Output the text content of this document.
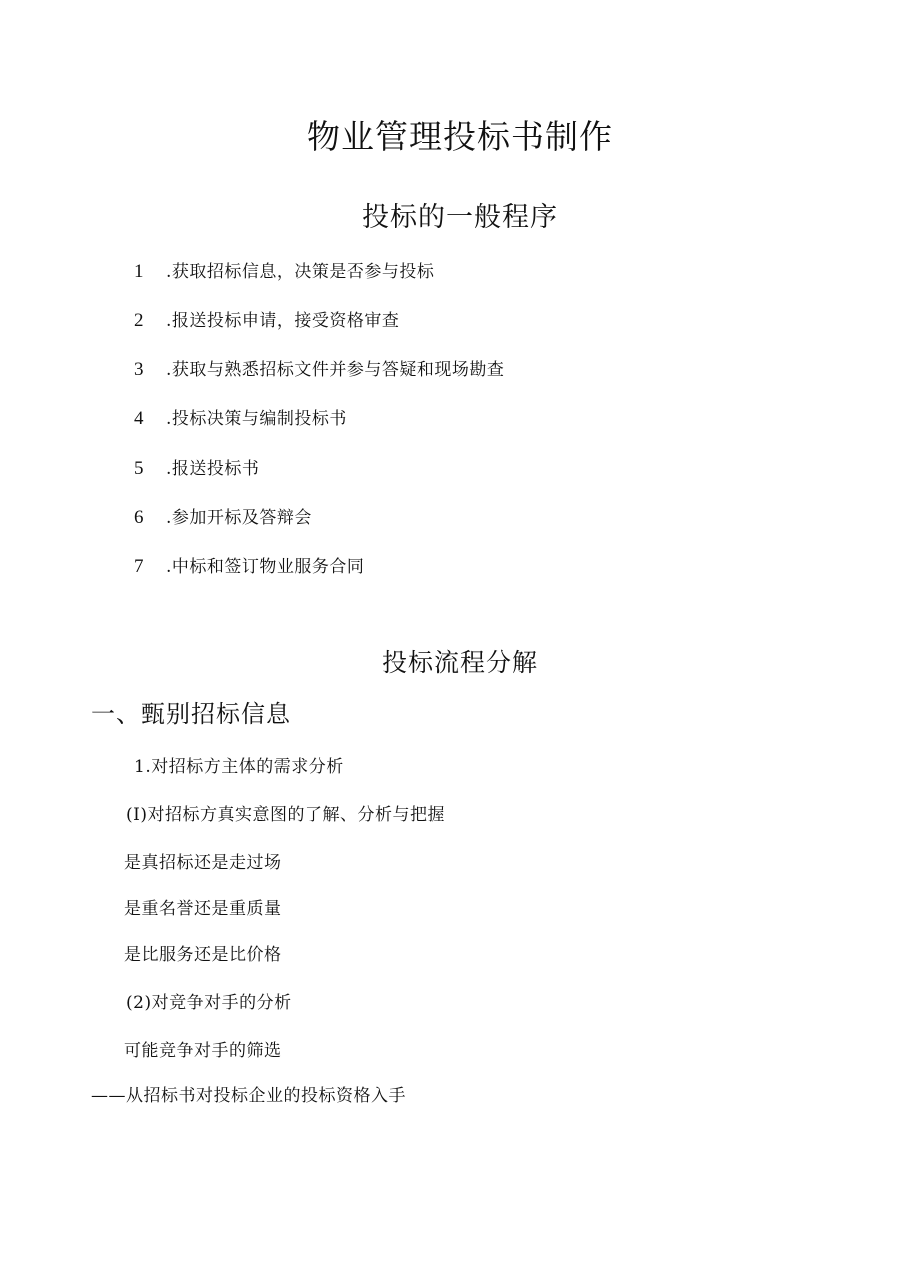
物业管理投标书制作
投标的一般程序
1 .获取招标信息，决策是否参与投标
2 .报送投标申请，接受资格审查
3 .获取与熟悉招标文件并参与答疑和现场勘查
4 .投标决策与编制投标书
5 .报送投标书
6 .参加开标及答辩会
7 .中标和签订物业服务合同
投标流程分解
一、甄别招标信息
1.对招标方主体的需求分析
(I)对招标方真实意图的了解、分析与把握
是真招标还是走过场
是重名誉还是重质量
是比服务还是比价格
(2)对竞争对手的分析
可能竞争对手的筛选
——从招标书对投标企业的投标资格入手
